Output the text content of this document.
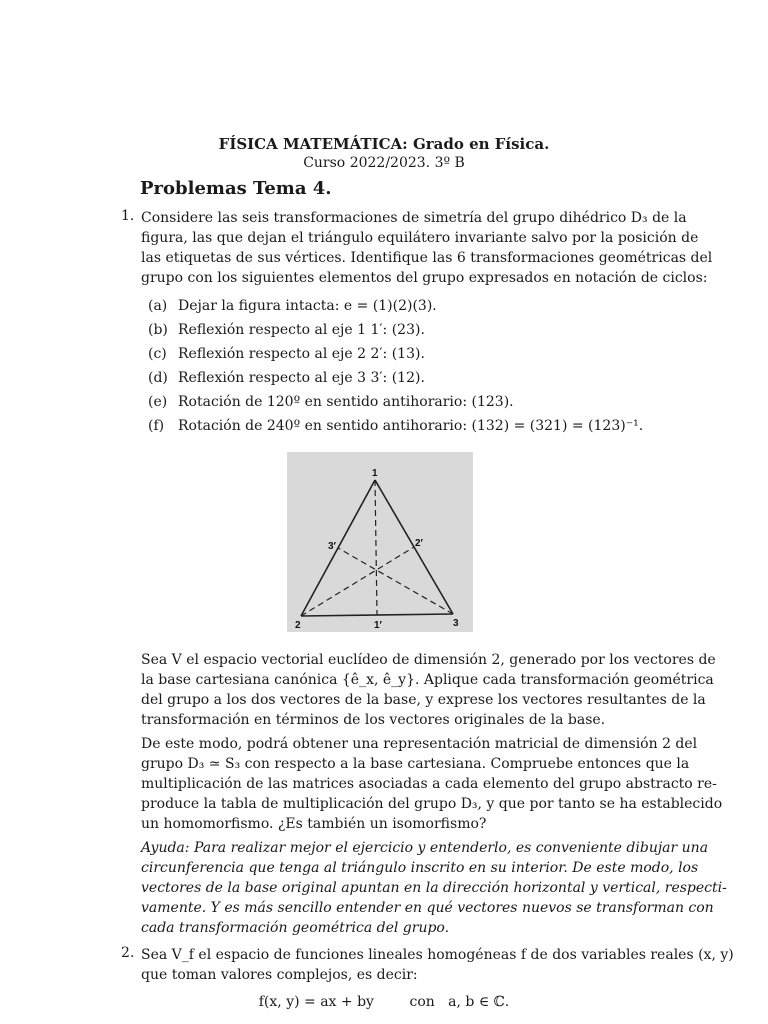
FÍSICA MATEMÁTICA: Grado en Física.
Curso 2022/2023. 3º B
Problemas Tema 4.
1. Considere las seis transformaciones de simetría del grupo dihédrico D₃ de la
figura, las que dejan el triángulo equilátero invariante salvo por la posición de
las etiquetas de sus vértices. Identifique las 6 transformaciones geométricas del
grupo con los siguientes elementos del grupo expresados en notación de ciclos:
(a) Dejar la figura intacta: e = (1)(2)(3).
(b) Reflexión respecto al eje 1 1′: (23).
(c) Reflexión respecto al eje 2 2′: (13).
(d) Reflexión respecto al eje 3 3′: (12).
(e) Rotación de 120º en sentido antihorario: (123).
(f) Rotación de 240º en sentido antihorario: (132) = (321) = (123)⁻¹.
1
2	3
1′
2′
3′
Sea V el espacio vectorial euclídeo de dimensión 2, generado por los vectores de
la base cartesiana canónica {ê_x, ê_y}. Aplique cada transformación geométrica
del grupo a los dos vectores de la base, y exprese los vectores resultantes de la
transformación en términos de los vectores originales de la base.
De este modo, podrá obtener una representación matricial de dimensión 2 del
grupo D₃ ≃ S₃ con respecto a la base cartesiana. Compruebe entonces que la
multiplicación de las matrices asociadas a cada elemento del grupo abstracto re-
produce la tabla de multiplicación del grupo D₃, y que por tanto se ha establecido
un homomorfismo. ¿Es también un isomorfismo?
Ayuda: Para realizar mejor el ejercicio y entenderlo, es conveniente dibujar una
circunferencia que tenga al triángulo inscrito en su interior. De este modo, los
vectores de la base original apuntan en la dirección horizontal y vertical, respecti-
vamente. Y es más sencillo entender en qué vectores nuevos se transforman con
cada transformación geométrica del grupo.
2. Sea V_f el espacio de funciones lineales homogéneas f de dos variables reales (x, y)
que toman valores complejos, es decir:
f(x, y) = ax + by        con   a, b ∈ ℂ.
